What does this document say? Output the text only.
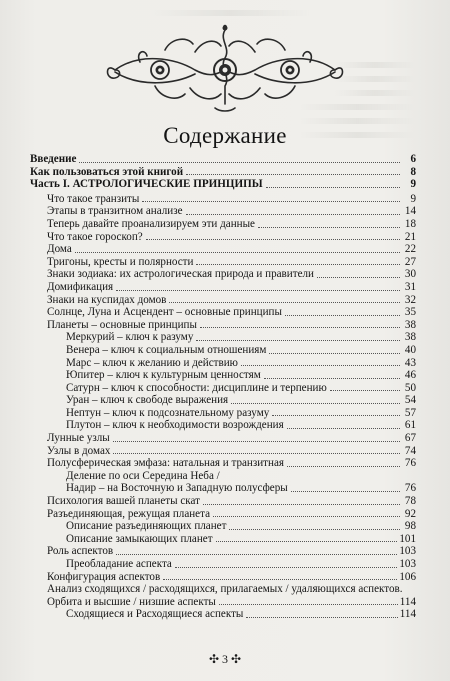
Содержание
Введение	6
Как пользоваться этой книгой	8
Часть I. АСТРОЛОГИЧЕСКИЕ ПРИНЦИПЫ	9
Что такое транзиты	9
Этапы в транзитном анализе	14
Теперь давайте проанализируем эти данные	18
Что такое гороскоп?	21
Дома	22
Тригоны, кресты и полярности	27
Знаки зодиака: их астрологическая природа и правители	30
Домификация	31
Знаки на куспидах домов	32
Солнце, Луна и Асцендент – основные принципы	35
Планеты – основные принципы	38
Меркурий – ключ к разуму	38
Венера – ключ к социальным отношениям	40
Марс – ключ к желанию и действию	43
Юпитер – ключ к культурным ценностям	46
Сатурн – ключ к способности: дисциплине и терпению	50
Уран – ключ к свободе выражения	54
Нептун – ключ к подсознательному разуму	57
Плутон – ключ к необходимости возрождения	61
Лунные узлы	67
Узлы в домах	74
Полусферическая эмфаза: натальная и транзитная	76
Деление по оси Середина Неба /
Надир – на Восточную и Западную полусферы	76
Психология вашей планеты скат	78
Разъединяющая, режущая планета	92
Описание разъединяющих планет	98
Описание замыкающих планет	101
Роль аспектов	103
Преобладание аспекта	103
Конфигурация аспектов	106
Анализ сходящихся / расходящихся, прилагаемых / удаляющихся аспектов.
Орбита и высшие / низшие аспекты	114
Сходящиеся и Расходящиеся аспекты	114
✣ 3 ✣
